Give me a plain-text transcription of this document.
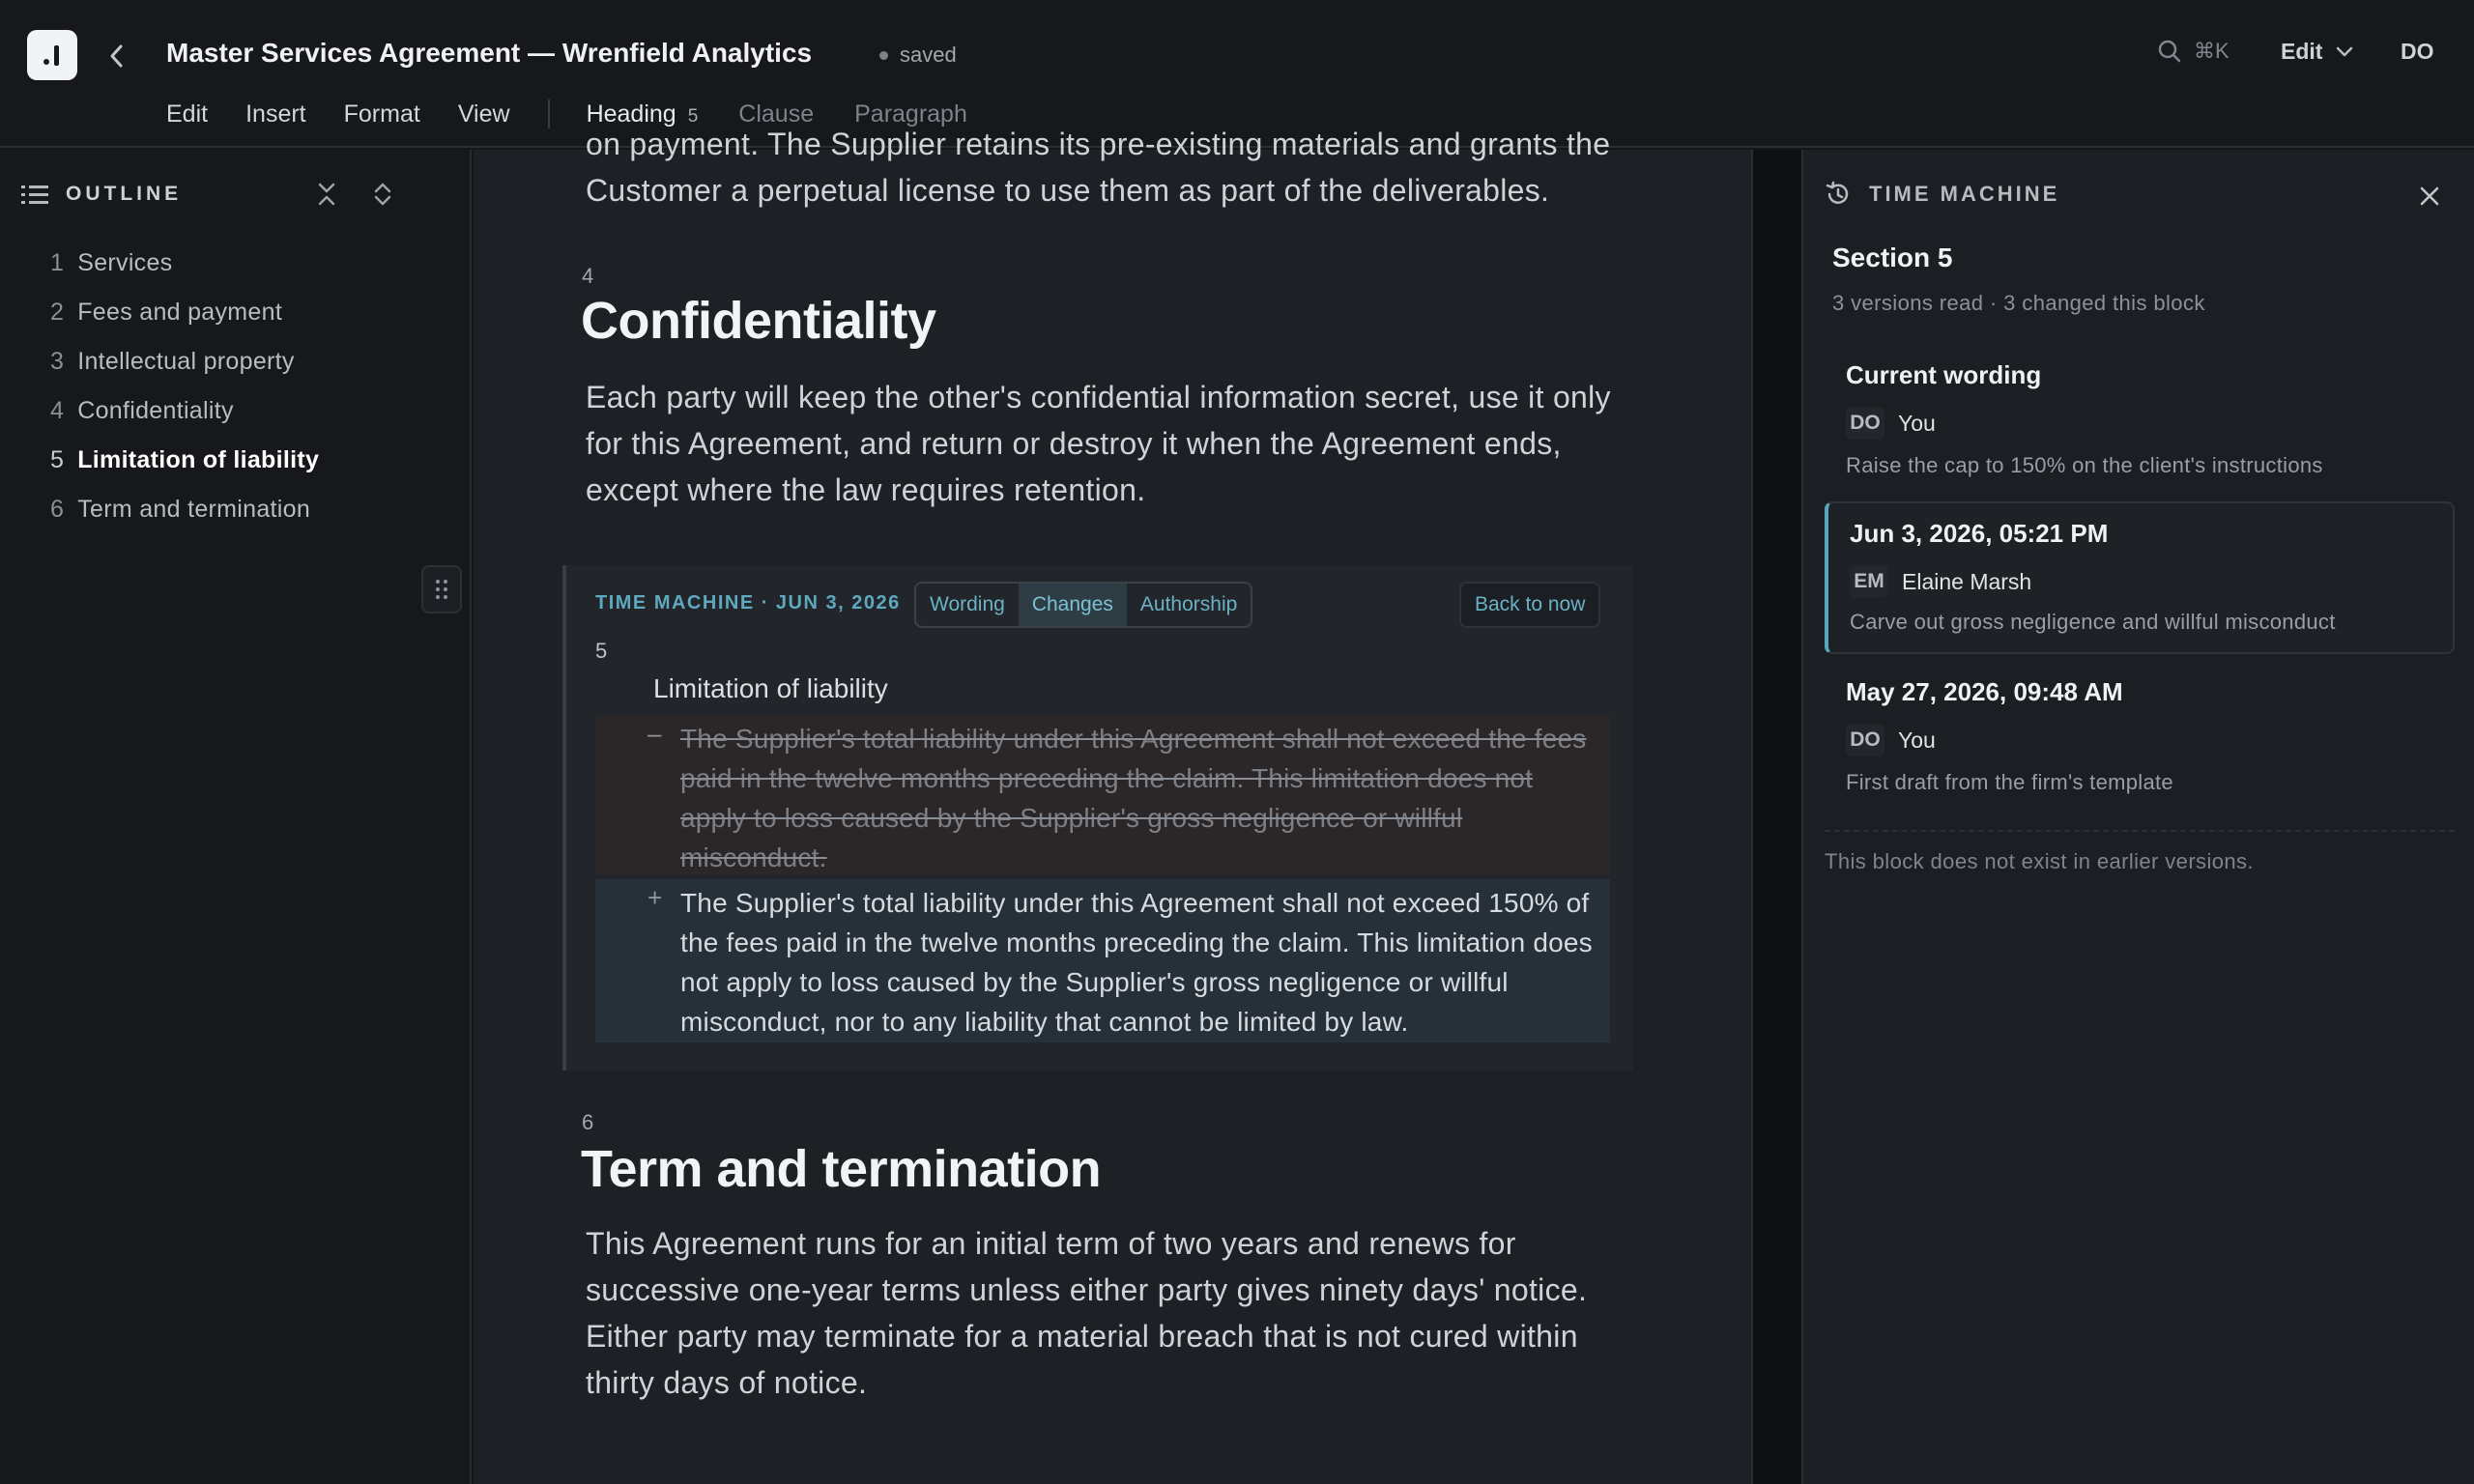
Master Services Agreement — Wrenfield Analytics	saved	⌘K Edit	DO
Edit Insert Format View	Heading 5 Clause Paragraph
OUTLINE
1 Services
2 Fees and payment
3 Intellectual property
4 Confidentiality
5 Limitation of liability
6 Term and termination
on payment. The Supplier retains its pre-existing materials and grants the
Customer a perpetual license to use them as part of the deliverables.
4
Confidentiality
Each party will keep the other's confidential information secret, use it only for this Agreement, and return or destroy it when the Agreement ends, except where the law requires retention.
TIME MACHINE · JUN 3, 2026	Wording	Changes	Authorship	Back to now
5
Limitation of liability
– The Supplier's total liability under this Agreement shall not exceed the fees paid in the twelve months preceding the claim. This limitation does not apply to loss caused by the Supplier's gross negligence or willful misconduct.
+ The Supplier's total liability under this Agreement shall not exceed 150% of the fees paid in the twelve months preceding the claim. This limitation does not apply to loss caused by the Supplier's gross negligence or willful misconduct, nor to any liability that cannot be limited by law.
6
Term and termination
This Agreement runs for an initial term of two years and renews for successive one-year terms unless either party gives ninety days' notice. Either party may terminate for a material breach that is not cured within thirty days of notice.
TIME MACHINE
Section 5
3 versions read · 3 changed this block
Current wording
DO You
Raise the cap to 150% on the client's instructions
Jun 3, 2026, 05:21 PM
EM Elaine Marsh
Carve out gross negligence and willful misconduct
May 27, 2026, 09:48 AM
DO You
First draft from the firm's template
This block does not exist in earlier versions.
